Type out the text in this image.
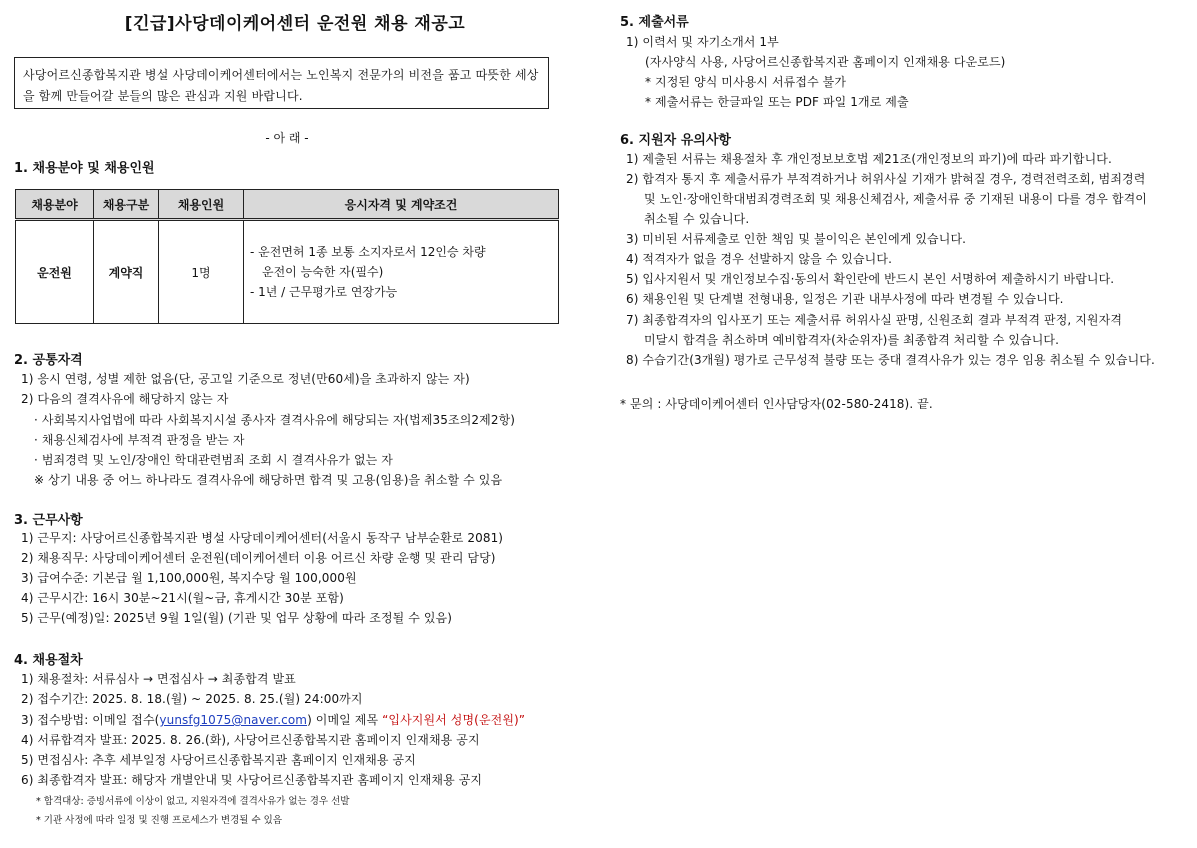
[긴급]사당데이케어센터 운전원 채용 재공고
사당어르신종합복지관 병설 사당데이케어센터에서는 노인복지 전문가의 비전을 품고 따뜻한 세상을 함께 만들어갈 분들의 많은 관심과 지원 바랍니다.
- 아 래 -
1. 채용분야 및 채용인원
채용분야	채용구분	채용인원	응시자격 및 계약조건
운전원	계약직	1명	- 운전면허 1종 보통 소지자로서 12인승 차량
운전이 능숙한 자(필수)
- 1년 / 근무평가로 연장가능
2. 공통자격
1) 응시 연령, 성별 제한 없음(단, 공고일 기준으로 정년(만60세)을 초과하지 않는 자)
2) 다음의 결격사유에 해당하지 않는 자
· 사회복지사업법에 따라 사회복지시설 종사자 결격사유에 해당되는 자(법제35조의2제2항)
· 채용신체검사에 부적격 판정을 받는 자
· 범죄경력 및 노인/장애인 학대관련범죄 조회 시 결격사유가 없는 자
※ 상기 내용 중 어느 하나라도 결격사유에 해당하면 합격 및 고용(임용)을 취소할 수 있음
3. 근무사항
1) 근무지: 사당어르신종합복지관 병설 사당데이케어센터(서울시 동작구 남부순환로 2081)
2) 채용직무: 사당데이케어센터 운전원(데이케어센터 이용 어르신 차량 운행 및 관리 담당)
3) 급여수준: 기본급 월 1,100,000원, 복지수당 월 100,000원
4) 근무시간: 16시 30분~21시(월~금, 휴게시간 30분 포함)
5) 근무(예정)일: 2025년 9월 1일(월) (기관 및 업무 상황에 따라 조정될 수 있음)
4. 채용절차
1) 채용절차: 서류심사 → 면접심사 → 최종합격 발표
2) 접수기간: 2025. 8. 18.(월) ~ 2025. 8. 25.(월) 24:00까지
3) 접수방법: 이메일 접수(yunsfg1075@naver.com) 이메일 제목 “입사지원서 성명(운전원)”
4) 서류합격자 발표: 2025. 8. 26.(화), 사당어르신종합복지관 홈페이지 인재채용 공지
5) 면접심사: 추후 세부일정 사당어르신종합복지관 홈페이지 인재채용 공지
6) 최종합격자 발표: 해당자 개별안내 및 사당어르신종합복지관 홈페이지 인재채용 공지
* 합격대상: 증빙서류에 이상이 없고, 지원자격에 결격사유가 없는 경우 선발
* 기관 사정에 따라 일정 및 진행 프로세스가 변경될 수 있음
5. 제출서류
1) 이력서 및 자기소개서 1부
(자사양식 사용, 사당어르신종합복지관 홈페이지 인재채용 다운로드)
* 지정된 양식 미사용시 서류접수 불가
* 제출서류는 한글파일 또는 PDF 파일 1개로 제출
6. 지원자 유의사항
1) 제출된 서류는 채용절차 후 개인정보보호법 제21조(개인정보의 파기)에 따라 파기합니다.
2) 합격자 통지 후 제출서류가 부적격하거나 허위사실 기재가 밝혀질 경우, 경력전력조회, 범죄경력
및 노인·장애인학대범죄경력조회 및 채용신체검사, 제출서류 중 기재된 내용이 다를 경우 합격이
취소될 수 있습니다.
3) 미비된 서류제출로 인한 책임 및 불이익은 본인에게 있습니다.
4) 적격자가 없을 경우 선발하지 않을 수 있습니다.
5) 입사지원서 및 개인정보수집·동의서 확인란에 반드시 본인 서명하여 제출하시기 바랍니다.
6) 채용인원 및 단계별 전형내용, 일정은 기관 내부사정에 따라 변경될 수 있습니다.
7) 최종합격자의 입사포기 또는 제출서류 허위사실 판명, 신원조회 결과 부적격 판정, 지원자격
미달시 합격을 취소하며 예비합격자(차순위자)를 최종합격 처리할 수 있습니다.
8) 수습기간(3개월) 평가로 근무성적 불량 또는 중대 결격사유가 있는 경우 임용 취소될 수 있습니다.
* 문의 : 사당데이케어센터 인사담당자(02-580-2418). 끝.
